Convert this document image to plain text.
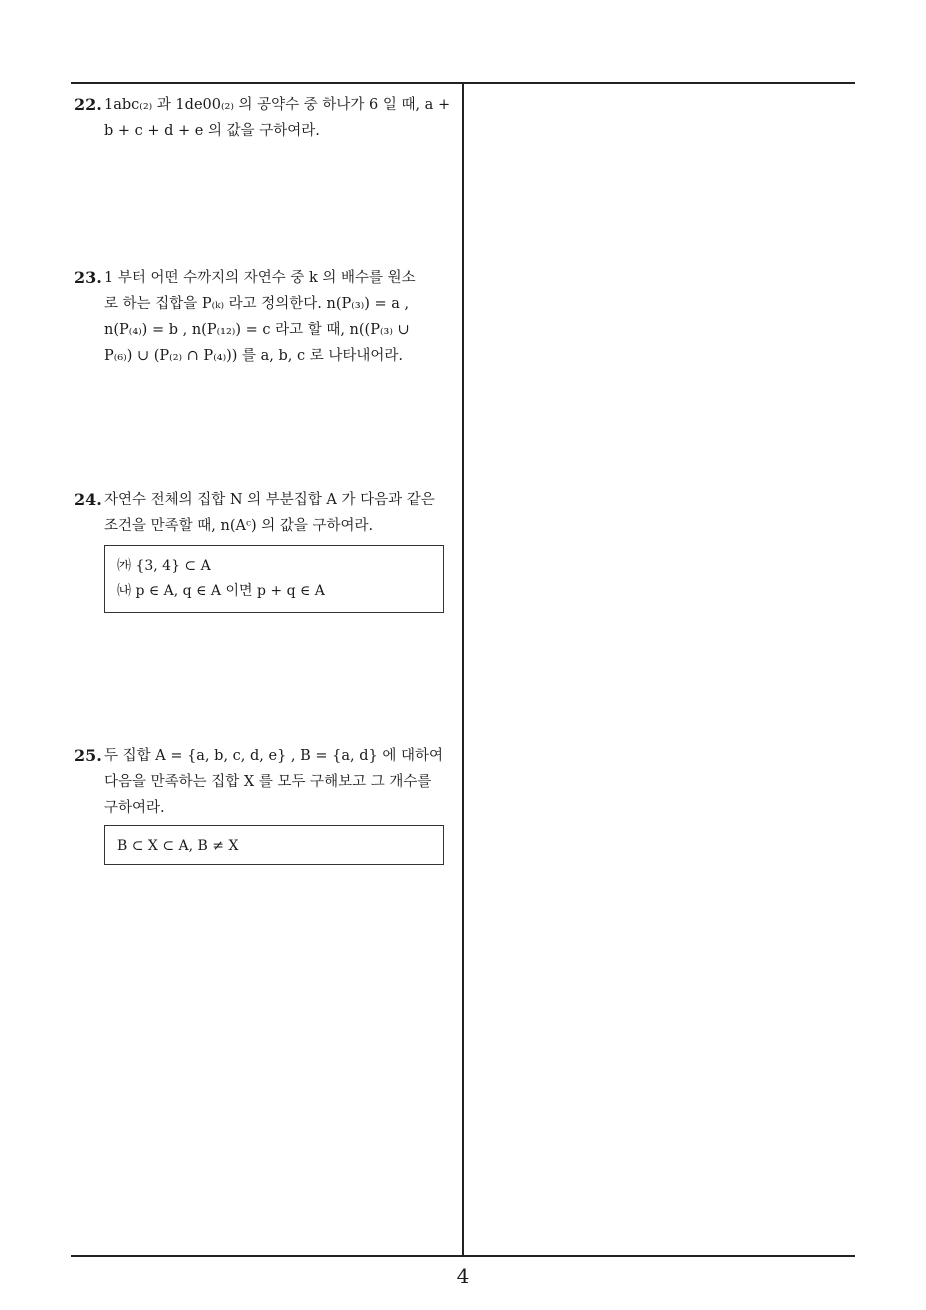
22. 1abc₍₂₎ 과 1de00₍₂₎ 의 공약수 중 하나가 6 일 때, a +
b + c + d + e 의 값을 구하여라.
23. 1 부터 어떤 수까지의 자연수 중 k 의 배수를 원소
로 하는 집합을 P₍ₖ₎ 라고 정의한다. n(P₍₃₎) = a ,
n(P₍₄₎) = b , n(P₍₁₂₎) = c 라고 할 때, n((P₍₃₎ ∪
P₍₆₎) ∪ (P₍₂₎ ∩ P₍₄₎)) 를 a, b, c 로 나타내어라.
24. 자연수 전체의 집합 N 의 부분집합 A 가 다음과 같은
조건을 만족할 때, n(Aᶜ) 의 값을 구하여라.
㈎ {3, 4} ⊂ A
㈏ p ∈ A, q ∈ A 이면 p + q ∈ A
25. 두 집합 A = {a, b, c, d, e} , B = {a, d} 에 대하여
다음을 만족하는 집합 X 를 모두 구해보고 그 개수를
구하여라.
B ⊂ X ⊂ A, B ≠ X
4
